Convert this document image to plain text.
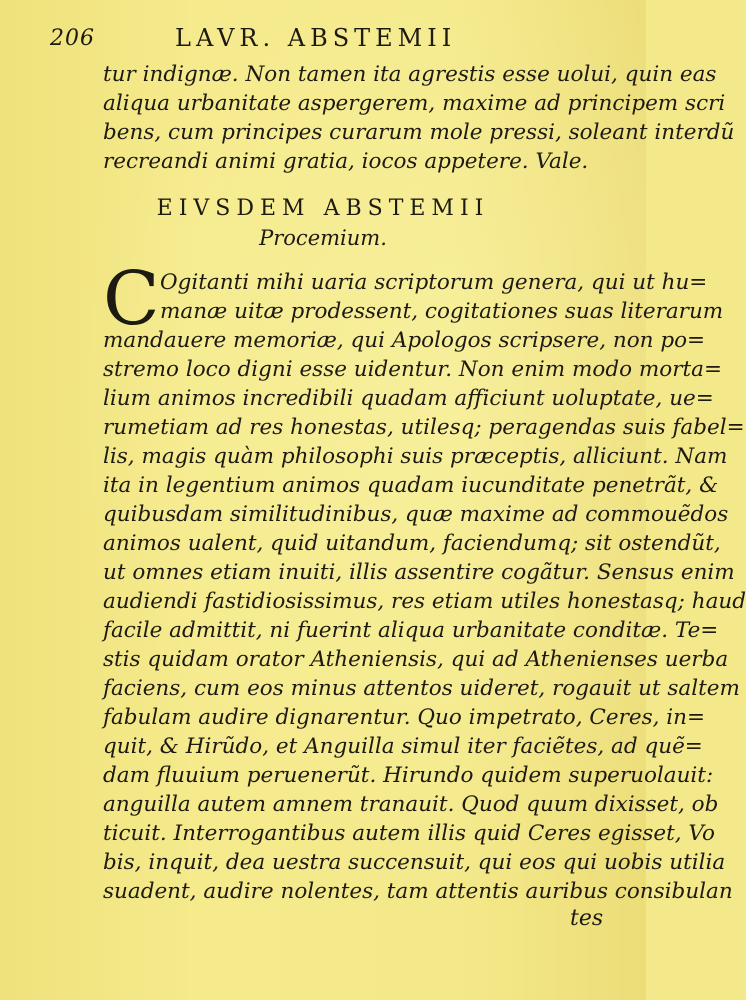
206	LAVR. ABSTEMII
tur indignæ. Non tamen ita agrestis esse uolui, quin eas
aliqua urbanitate aspergerem, maxime ad principem scri
bens, cum principes curarum mole pressi, soleant interdũ
recreandi animi gratia, iocos appetere. Vale.
EIVSDEM ABSTEMII
Procemium.
C Ogitanti mihi uaria scriptorum genera, qui ut hu=
manæ uitæ prodessent, cogitationes suas literarum
mandauere memoriæ, qui Apologos scripsere, non po=
stremo loco digni esse uidentur. Non enim modo morta=
lium animos incredibili quadam afficiunt uoluptate, ue=
rumetiam ad res honestas, utilesq; peragendas suis fabel=
lis, magis quàm philosophi suis præceptis, alliciunt. Nam
ita in legentium animos quadam iucunditate penetrãt, &
quibusdam similitudinibus, quæ maxime ad commouẽdos
animos ualent, quid uitandum, faciendumq; sit ostendũt,
ut omnes etiam inuiti, illis assentire cogãtur. Sensus enim
audiendi fastidiosissimus, res etiam utiles honestasq; haud
facile admittit, ni fuerint aliqua urbanitate conditæ. Te=
stis quidam orator Atheniensis, qui ad Athenienses uerba
faciens, cum eos minus attentos uideret, rogauit ut saltem
fabulam audire dignarentur. Quo impetrato, Ceres, in=
quit, & Hirũdo, et Anguilla simul iter faciẽtes, ad quẽ=
dam fluuium peruenerũt. Hirundo quidem superuolauit:
anguilla autem amnem tranauit. Quod quum dixisset, ob
ticuit. Interrogantibus autem illis quid Ceres egisset, Vo
bis, inquit, dea uestra succensuit, qui eos qui uobis utilia
suadent, audire nolentes, tam attentis auribus consibulan
tes
